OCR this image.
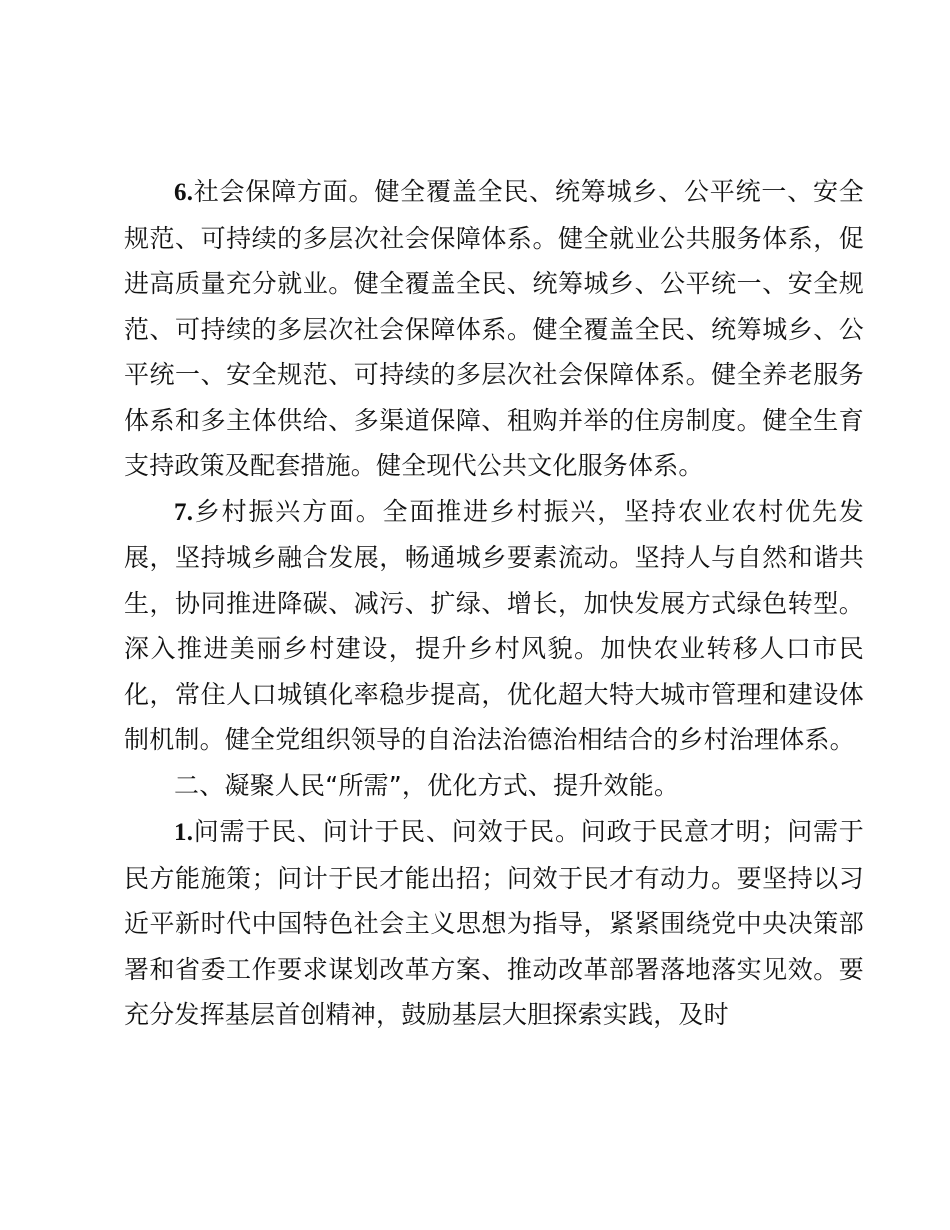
6.社会保障方面。健全覆盖全民、统筹城乡、公平统一、安全规范、可持续的多层次社会保障体系。健全就业公共服务体系，促进高质量充分就业。健全覆盖全民、统筹城乡、公平统一、安全规范、可持续的多层次社会保障体系。健全覆盖全民、统筹城乡、公平统一、安全规范、可持续的多层次社会保障体系。健全养老服务体系和多主体供给、多渠道保障、租购并举的住房制度。健全生育支持政策及配套措施。健全现代公共文化服务体系。

7.乡村振兴方面。全面推进乡村振兴，坚持农业农村优先发展，坚持城乡融合发展，畅通城乡要素流动。坚持人与自然和谐共生，协同推进降碳、减污、扩绿、增长，加快发展方式绿色转型。深入推进美丽乡村建设，提升乡村风貌。加快农业转移人口市民化，常住人口城镇化率稳步提高，优化超大特大城市管理和建设体制机制。健全党组织领导的自治法治德治相结合的乡村治理体系。

二、凝聚人民“所需”，优化方式、提升效能。

1.问需于民、问计于民、问效于民。问政于民意才明；问需于民方能施策；问计于民才能出招；问效于民才有动力。要坚持以习近平新时代中国特色社会主义思想为指导，紧紧围绕党中央决策部署和省委工作要求谋划改革方案、推动改革部署落地落实见效。要充分发挥基层首创精神，鼓励基层大胆探索实践，及时
